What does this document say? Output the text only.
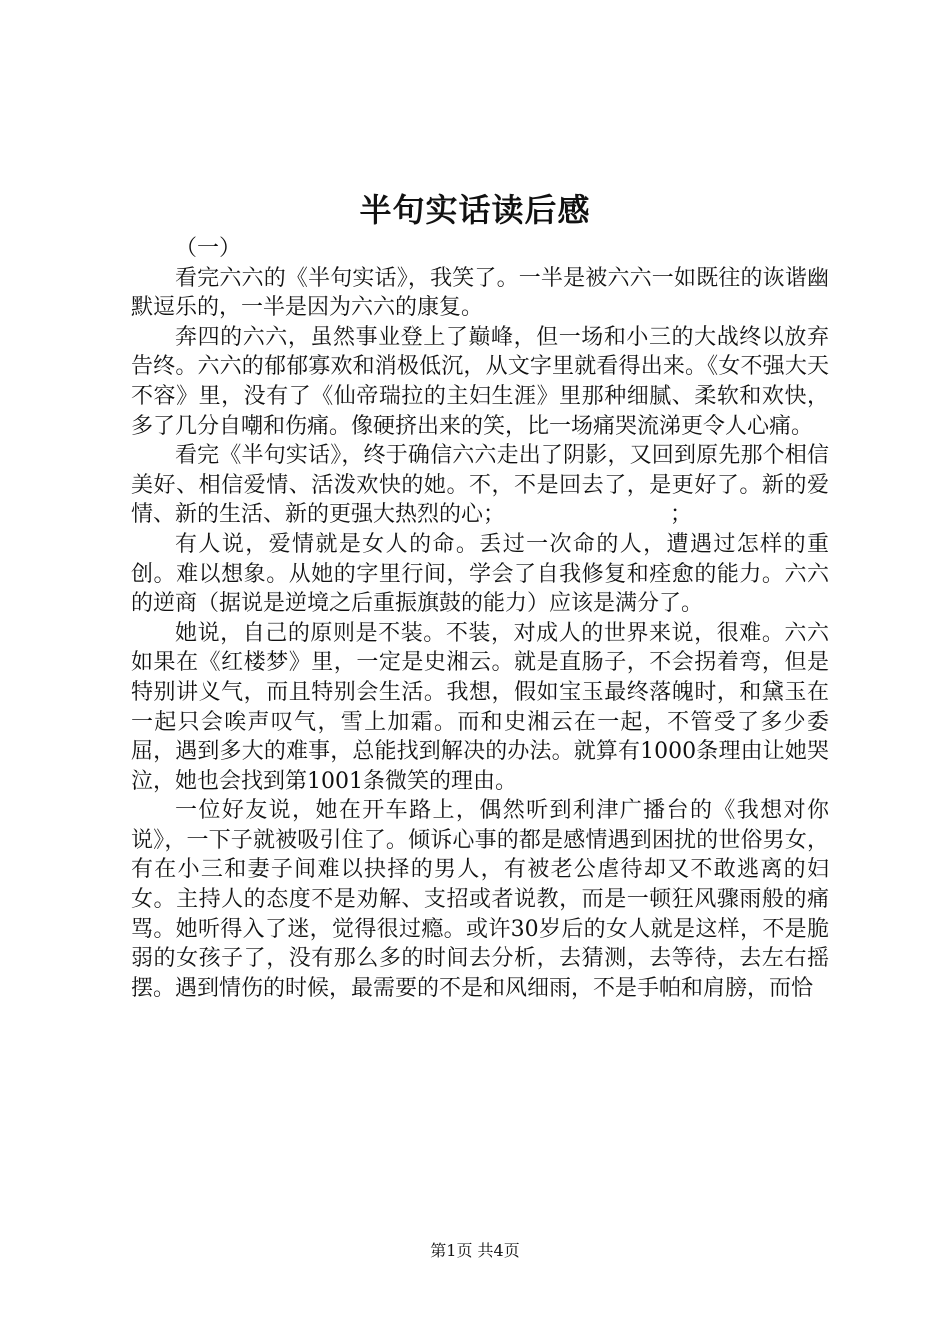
半句实话读后感

（一）

看完六六的《半句实话》，我笑了。一半是被六六一如既往的诙谐幽默逗乐的，一半是因为六六的康复。

奔四的六六，虽然事业登上了巅峰，但一场和小三的大战终以放弃告终。六六的郁郁寡欢和消极低沉，从文字里就看得出来。《女不强大天不容》里，没有了《仙帝瑞拉的主妇生涯》里那种细腻、柔软和欢快，多了几分自嘲和伤痛。像硬挤出来的笑，比一场痛哭流涕更令人心痛。

看完《半句实话》，终于确信六六走出了阴影，又回到原先那个相信美好、相信爱情、活泼欢快的她。不，不是回去了，是更好了。新的爱情、新的生活、新的更强大热烈的心；　　　　　　　　；

有人说，爱情就是女人的命。丢过一次命的人，遭遇过怎样的重创。难以想象。从她的字里行间，学会了自我修复和痊愈的能力。六六的逆商（据说是逆境之后重振旗鼓的能力）应该是满分了。

她说，自己的原则是不装。不装，对成人的世界来说，很难。六六如果在《红楼梦》里，一定是史湘云。就是直肠子，不会拐着弯，但是特别讲义气，而且特别会生活。我想，假如宝玉最终落魄时，和黛玉在一起只会唉声叹气，雪上加霜。而和史湘云在一起，不管受了多少委屈，遇到多大的难事，总能找到解决的办法。就算有1000条理由让她哭泣，她也会找到第1001条微笑的理由。

一位好友说，她在开车路上，偶然听到利津广播台的《我想对你说》，一下子就被吸引住了。倾诉心事的都是感情遇到困扰的世俗男女，有在小三和妻子间难以抉择的男人，有被老公虐待却又不敢逃离的妇女。主持人的态度不是劝解、支招或者说教，而是一顿狂风骤雨般的痛骂。她听得入了迷，觉得很过瘾。或许30岁后的女人就是这样，不是脆弱的女孩子了，没有那么多的时间去分析，去猜测，去等待，去左右摇摆。遇到情伤的时候，最需要的不是和风细雨，不是手帕和肩膀，而恰

第1页 共4页
